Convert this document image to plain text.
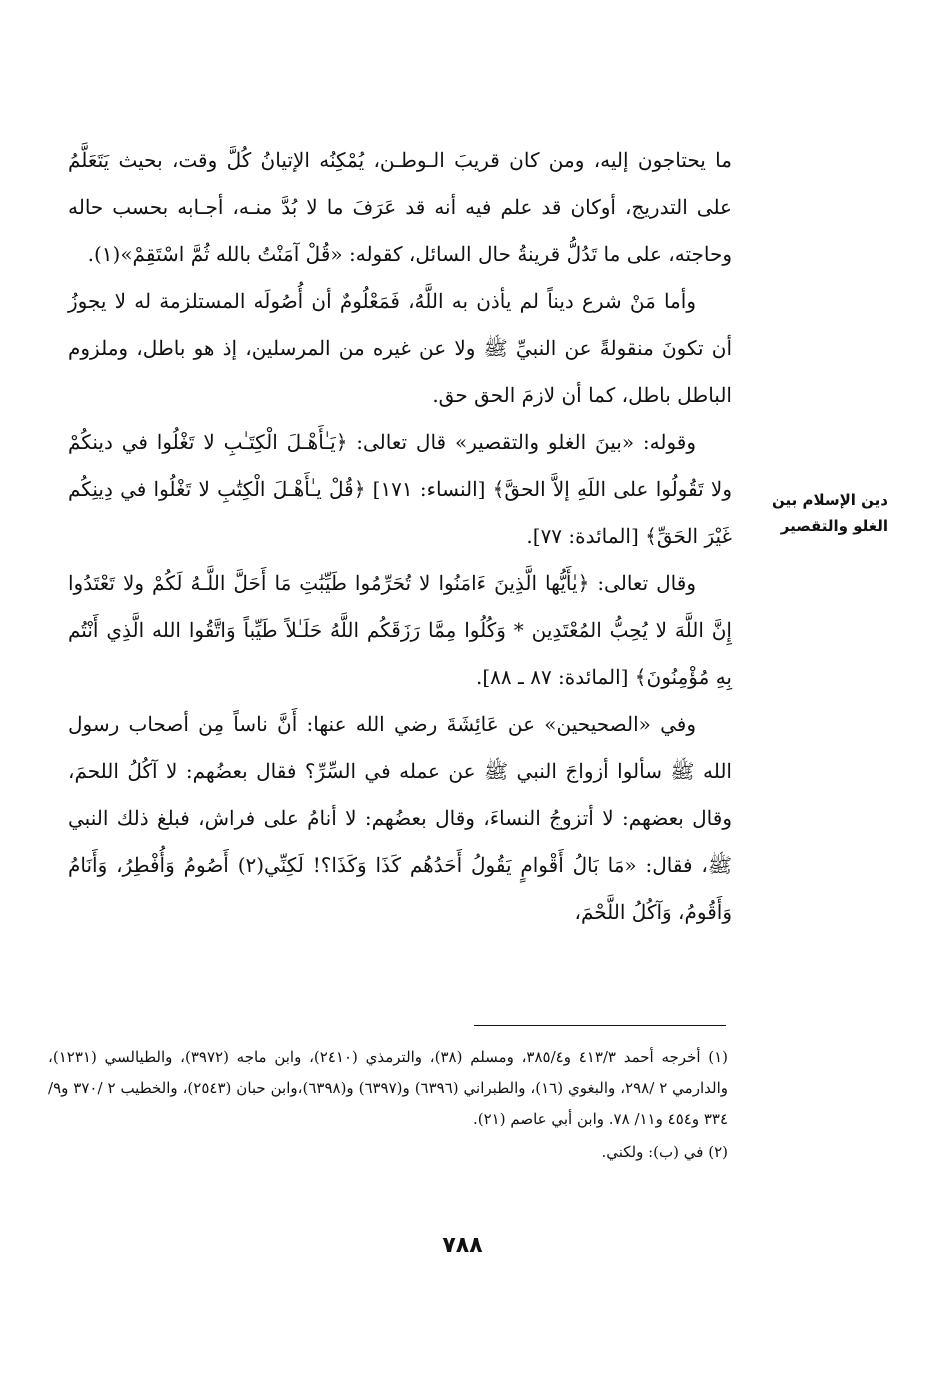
ما يحتاجون إليه، ومن كان قريبَ الـوطـن، يُمْكِنُه الإتيانُ كُلَّ وقت، بحيث يَتَعَلَّمُ على التدريج، أوكان قد علم فيه أنه قد عَرَفَ ما لا بُدَّ منـه، أجـابه بحسب حاله وحاجته، على ما تَدُلُّ قرينةُ حال السائل، كقوله: «قُلْ آمَنْتُ بالله ثُمَّ اسْتَقِمْ»(١).

وأما مَنْ شرع ديناً لم يأذن به اللَّهُ، فَمَعْلُومٌ أن أُصُولَه المستلزمة له لا يجوزُ أن تكونَ منقولةً عن النبيِّ ﷺ ولا عن غيره من المرسلين، إذ هو باطل، وملزوم الباطل باطل، كما أن لازمَ الحق حق.

وقوله: «بينَ الغلو والتقصير» قال تعالى: ﴿يَـٰأَهْـلَ الْكِتَـٰبِ لا تَغْلُوا في دينكُمْ ولا تَقُولُوا على اللَهِ إلاَّ الحقَّ﴾ [النساء: ١٧١] ﴿قُلْ يـٰأَهْـلَ الْكِتَٰبِ لا تَغْلُوا في دِينِكُم غَيْرَ الحَقِّ﴾ [المائدة: ٧٧].

وقال تعالى: ﴿يٰأَيُّها الَّذِينَ ءَامَنُوا لا تُحَرِّمُوا طَيِّبَٰتِ مَا أَحَلَّ اللَّـهُ لَكُمْ ولا تَعْتَدُوا إِنَّ اللَّهَ لا يُحِبُّ المُعْتَدِين * وَكُلُوا مِمَّا رَزَقَكُم اللَّهُ حَلَـٰلاً طَيِّباً وَاتَّقُوا الله الَّذِي أَنْتُم بِهِ مُؤْمِنُونَ﴾ [المائدة: ٨٧ ـ ٨٨].

وفي «الصحيحين» عن عَائِشَةَ رضي الله عنها: أَنَّ ناساً مِن أصحاب رسول الله ﷺ سألوا أزواجَ النبي ﷺ عن عمله في السِّرِّ؟ فقال بعضُهم: لا آكُلُ اللحمَ، وقال بعضهم: لا أتزوجُ النساءَ، وقال بعضُهم: لا أنامُ على فراش، فبلغ ذلك النبي ﷺ، فقال: «مَا بَالُ أَقْوامٍ يَقُولُ أَحَدُهُم كَذَا وَكَذَا؟! لَكِنِّي(٢) أَصُومُ وَأُفْطِرُ، وَأَنَامُ وَأَقُومُ، وَآكُلُ اللَّحْمَ،

دين الإسلام بين الغلو والتقصير

(١) أخرجه أحمد ٤١٣/٣ و٣٨٥/٤، ومسلم (٣٨)، والترمذي (٢٤١٠)، وابن ماجه (٣٩٧٢)، والطيالسي (١٢٣١)، والدارمي ٢ /٢٩٨، والبغوي (١٦)، والطبراني (٦٣٩٦) و(٦٣٩٧) و(٦٣٩٨)،وابن حبان (٢٥٤٣)، والخطيب ٢ /٣٧٠ و٩/ ٣٣٤ و٤٥٤ و١١/ ٧٨. وابن أبي عاصم (٢١).

(٢) في (ب): ولكني.

٧٨٨
